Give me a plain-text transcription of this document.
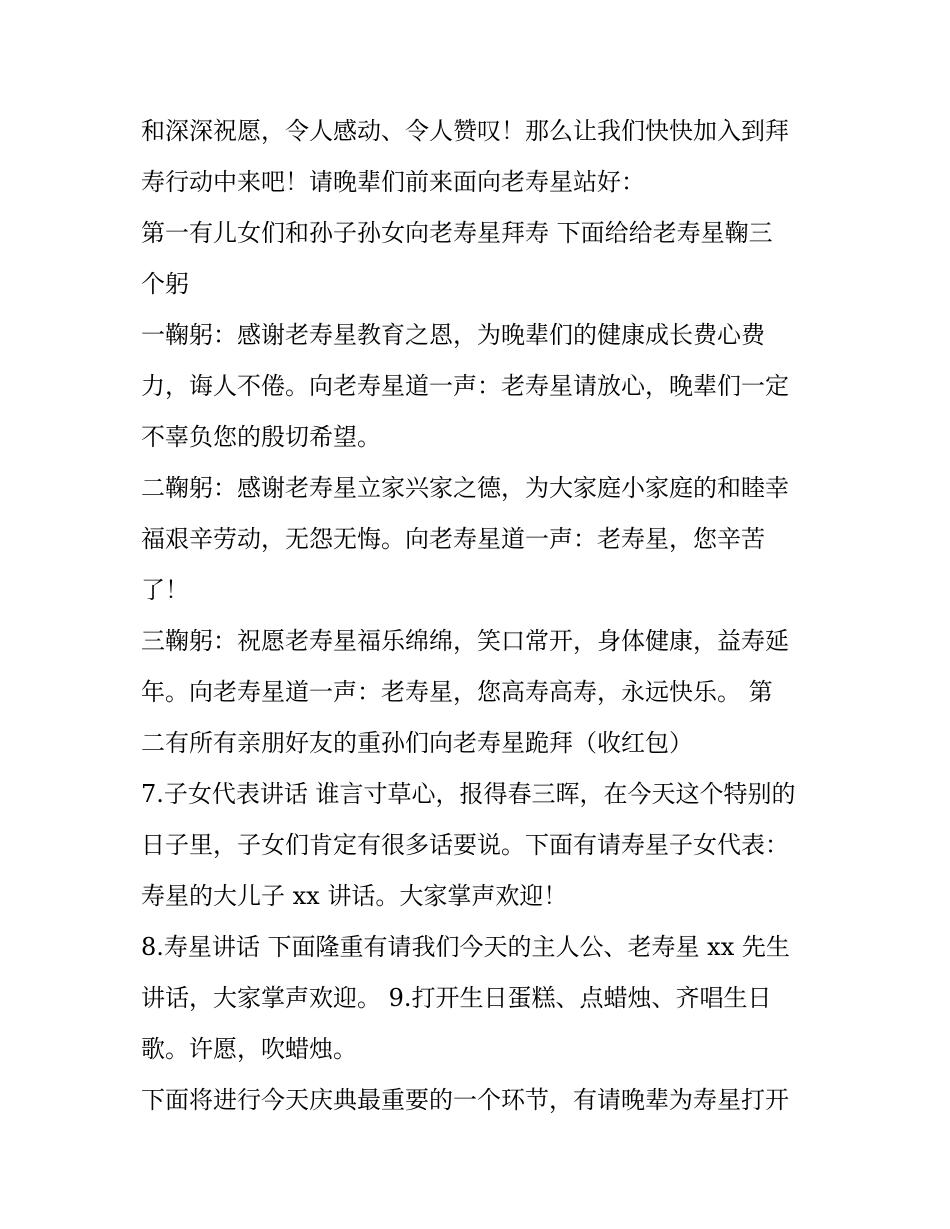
和深深祝愿，令人感动、令人赞叹！那么让我们快快加入到拜
寿行动中来吧！请晚辈们前来面向老寿星站好：
第一有儿女们和孙子孙女向老寿星拜寿 下面给给老寿星鞠三
个躬
一鞠躬：感谢老寿星教育之恩，为晚辈们的健康成长费心费
力，诲人不倦。向老寿星道一声：老寿星请放心，晚辈们一定
不辜负您的殷切希望。
二鞠躬：感谢老寿星立家兴家之德，为大家庭小家庭的和睦幸
福艰辛劳动，无怨无悔。向老寿星道一声：老寿星，您辛苦
了！
三鞠躬：祝愿老寿星福乐绵绵，笑口常开，身体健康，益寿延
年。向老寿星道一声：老寿星，您高寿高寿，永远快乐。 第
二有所有亲朋好友的重孙们向老寿星跪拜（收红包）
7.子女代表讲话 谁言寸草心，报得春三晖，在今天这个特别的
日子里，子女们肯定有很多话要说。下面有请寿星子女代表：
寿星的大儿子 xx 讲话。大家掌声欢迎！
8.寿星讲话 下面隆重有请我们今天的主人公、老寿星 xx 先生
讲话，大家掌声欢迎。 9.打开生日蛋糕、点蜡烛、齐唱生日
歌。许愿，吹蜡烛。
下面将进行今天庆典最重要的一个环节，有请晚辈为寿星打开
